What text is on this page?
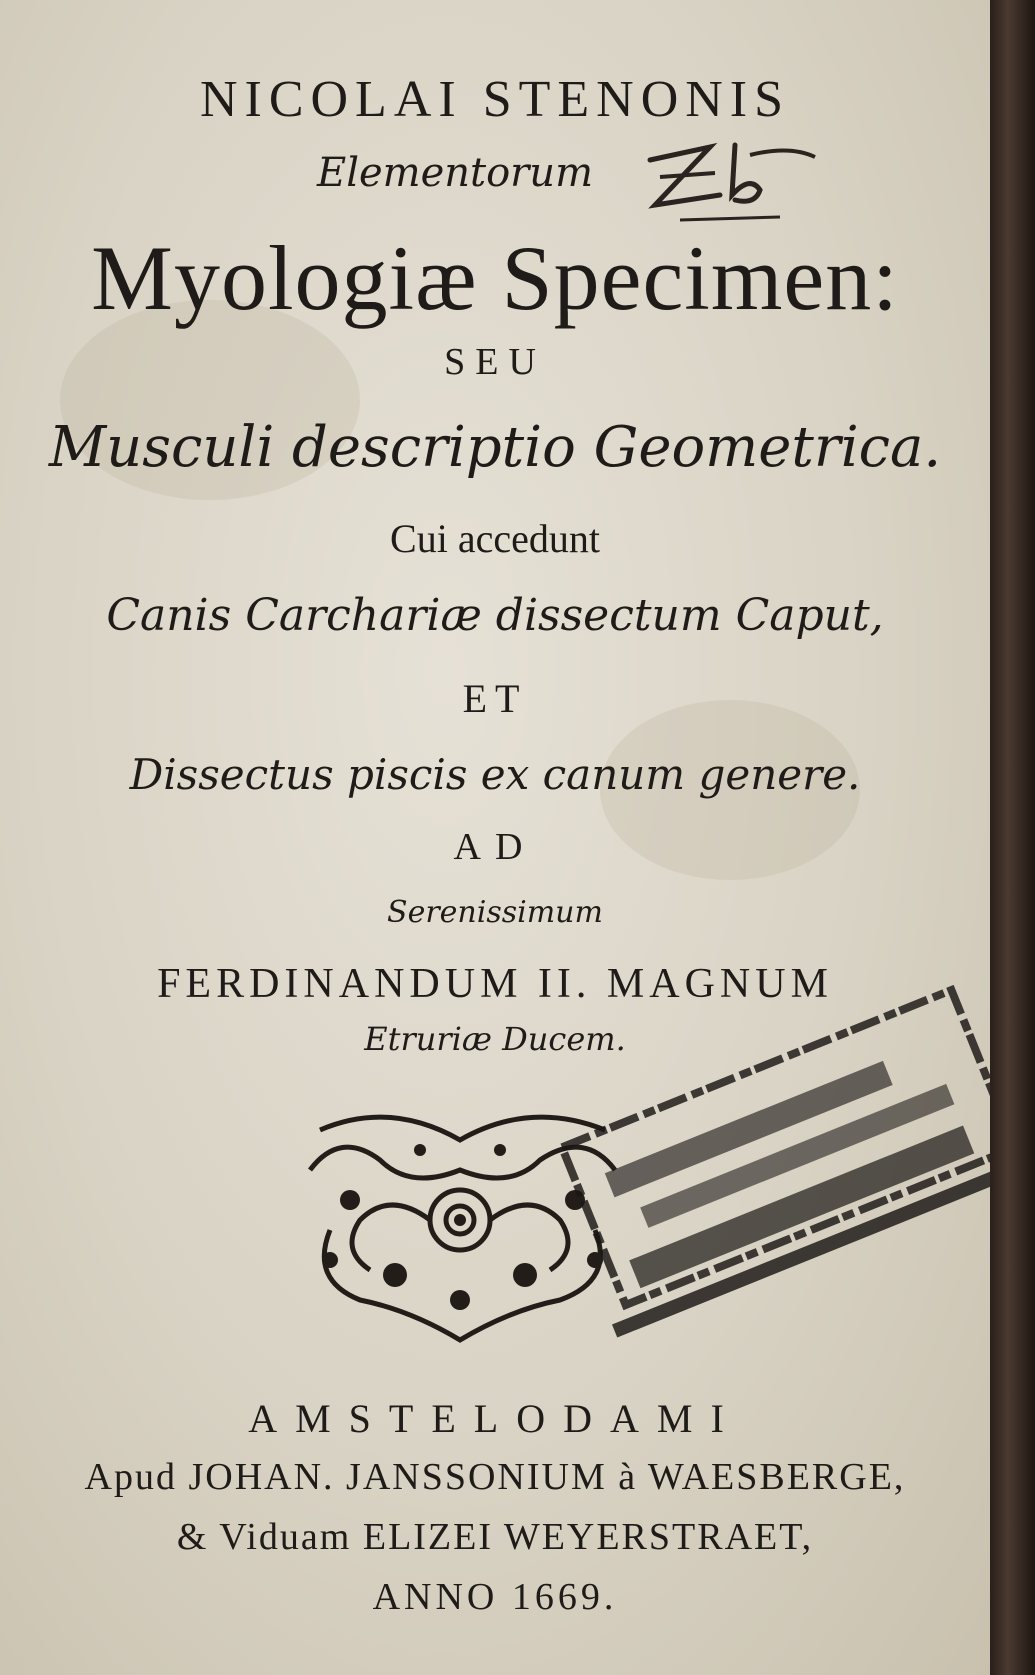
NICOLAI STENONIS
Elementorum
Myologiæ Specimen:
SEU
Musculi descriptio Geometrica.
Cui accedunt
Canis Carchariæ dissectum Caput,
ET
Dissectus piscis ex canum genere.
AD
Serenissimum
FERDINANDUM II. MAGNUM
Etruriæ Ducem.
AMSTELODAMI
Apud JOHAN. JANSSONIUM à WAESBERGE,
& Viduam ELIZEI WEYERSTRAET,
ANNO 1669.
